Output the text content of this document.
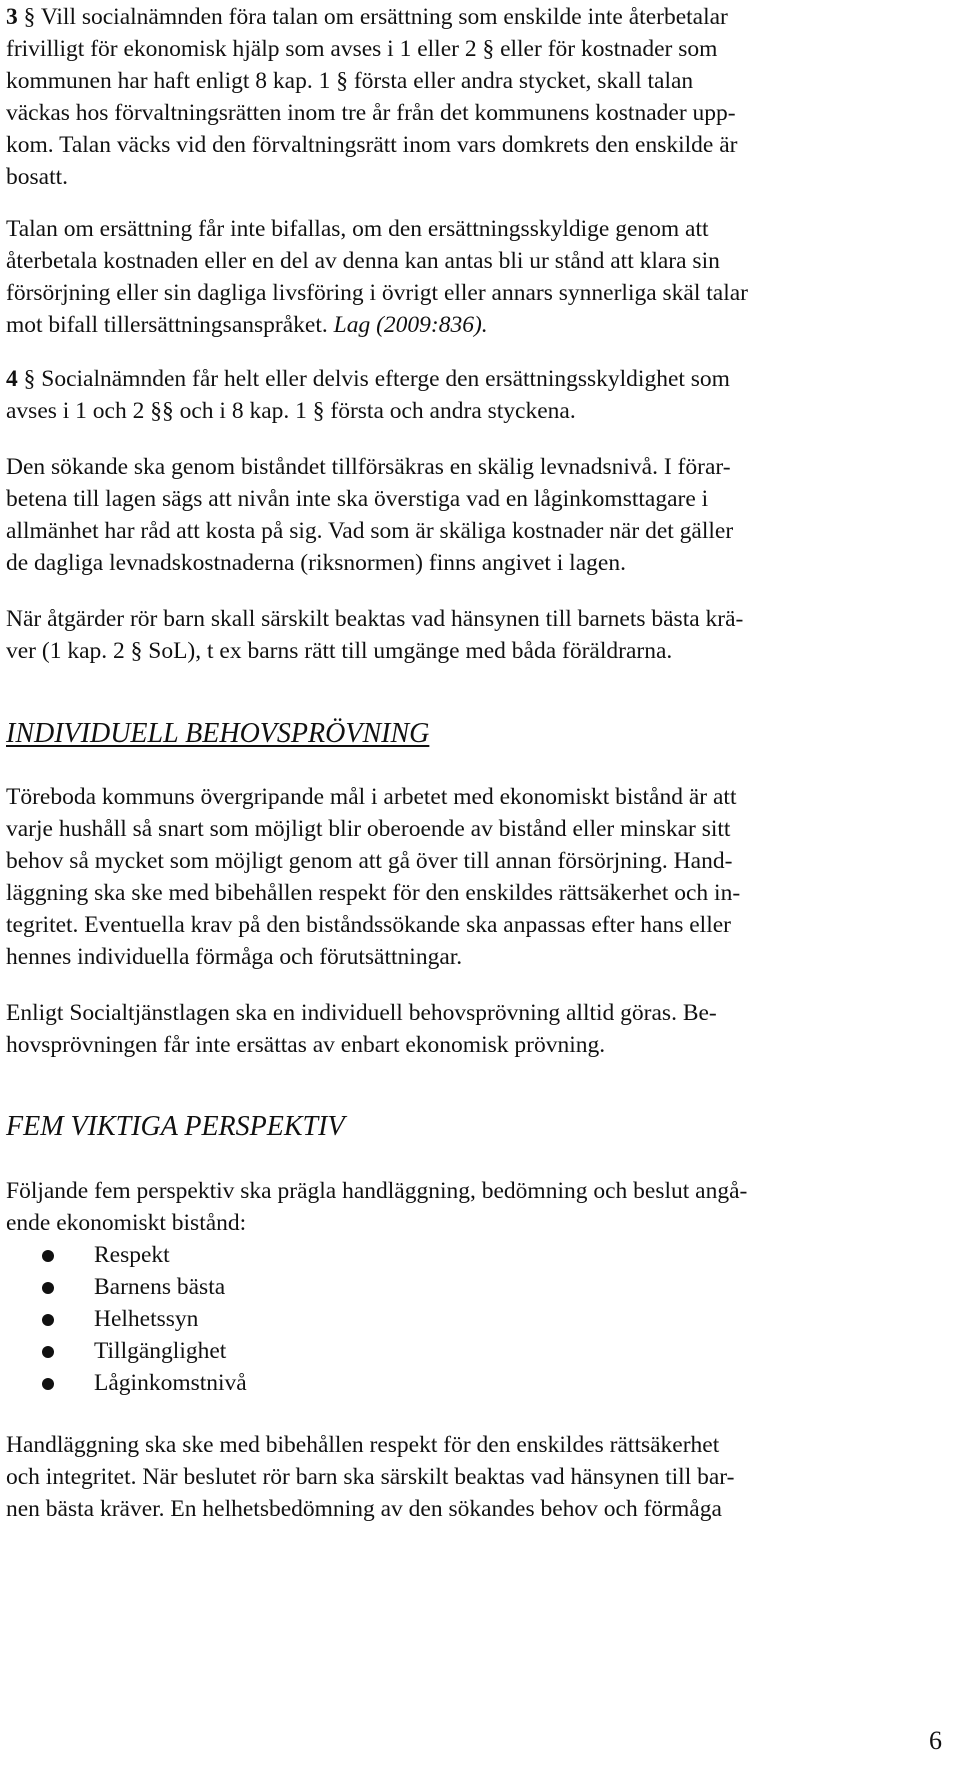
3 § Vill socialnämnden föra talan om ersättning som enskilde inte återbetalar
frivilligt för ekonomisk hjälp som avses i 1 eller 2 § eller för kostnader som
kommunen har haft enligt 8 kap. 1 § första eller andra stycket, skall talan
väckas hos förvaltningsrätten inom tre år från det kommunens kostnader upp-
kom. Talan väcks vid den förvaltningsrätt inom vars domkrets den enskilde är
bosatt.
Talan om ersättning får inte bifallas, om den ersättningsskyldige genom att
återbetala kostnaden eller en del av denna kan antas bli ur stånd att klara sin
försörjning eller sin dagliga livsföring i övrigt eller annars synnerliga skäl talar
mot bifall tillersättningsanspråket. Lag (2009:836).
4 § Socialnämnden får helt eller delvis efterge den ersättningsskyldighet som
avses i 1 och 2 §§ och i 8 kap. 1 § första och andra styckena.
Den sökande ska genom biståndet tillförsäkras en skälig levnadsnivå. I förar-
betena till lagen sägs att nivån inte ska överstiga vad en låginkomsttagare i
allmänhet har råd att kosta på sig. Vad som är skäliga kostnader när det gäller
de dagliga levnadskostnaderna (riksnormen) finns angivet i lagen.
När åtgärder rör barn skall särskilt beaktas vad hänsynen till barnets bästa krä-
ver (1 kap. 2 § SoL), t ex barns rätt till umgänge med båda föräldrarna.
INDIVIDUELL BEHOVSPRÖVNING
Töreboda kommuns övergripande mål i arbetet med ekonomiskt bistånd är att
varje hushåll så snart som möjligt blir oberoende av bistånd eller minskar sitt
behov så mycket som möjligt genom att gå över till annan försörjning. Hand-
läggning ska ske med bibehållen respekt för den enskildes rättsäkerhet och in-
tegritet. Eventuella krav på den biståndssökande ska anpassas efter hans eller
hennes individuella förmåga och förutsättningar.
Enligt Socialtjänstlagen ska en individuell behovsprövning alltid göras. Be-
hovsprövningen får inte ersättas av enbart ekonomisk prövning.
FEM VIKTIGA PERSPEKTIV
Följande fem perspektiv ska prägla handläggning, bedömning och beslut angå-
ende ekonomiskt bistånd:
Respekt
Barnens bästa
Helhetssyn
Tillgänglighet
Låginkomstnivå
Handläggning ska ske med bibehållen respekt för den enskildes rättsäkerhet
och integritet. När beslutet rör barn ska särskilt beaktas vad hänsynen till bar-
nen bästa kräver. En helhetsbedömning av den sökandes behov och förmåga
6
